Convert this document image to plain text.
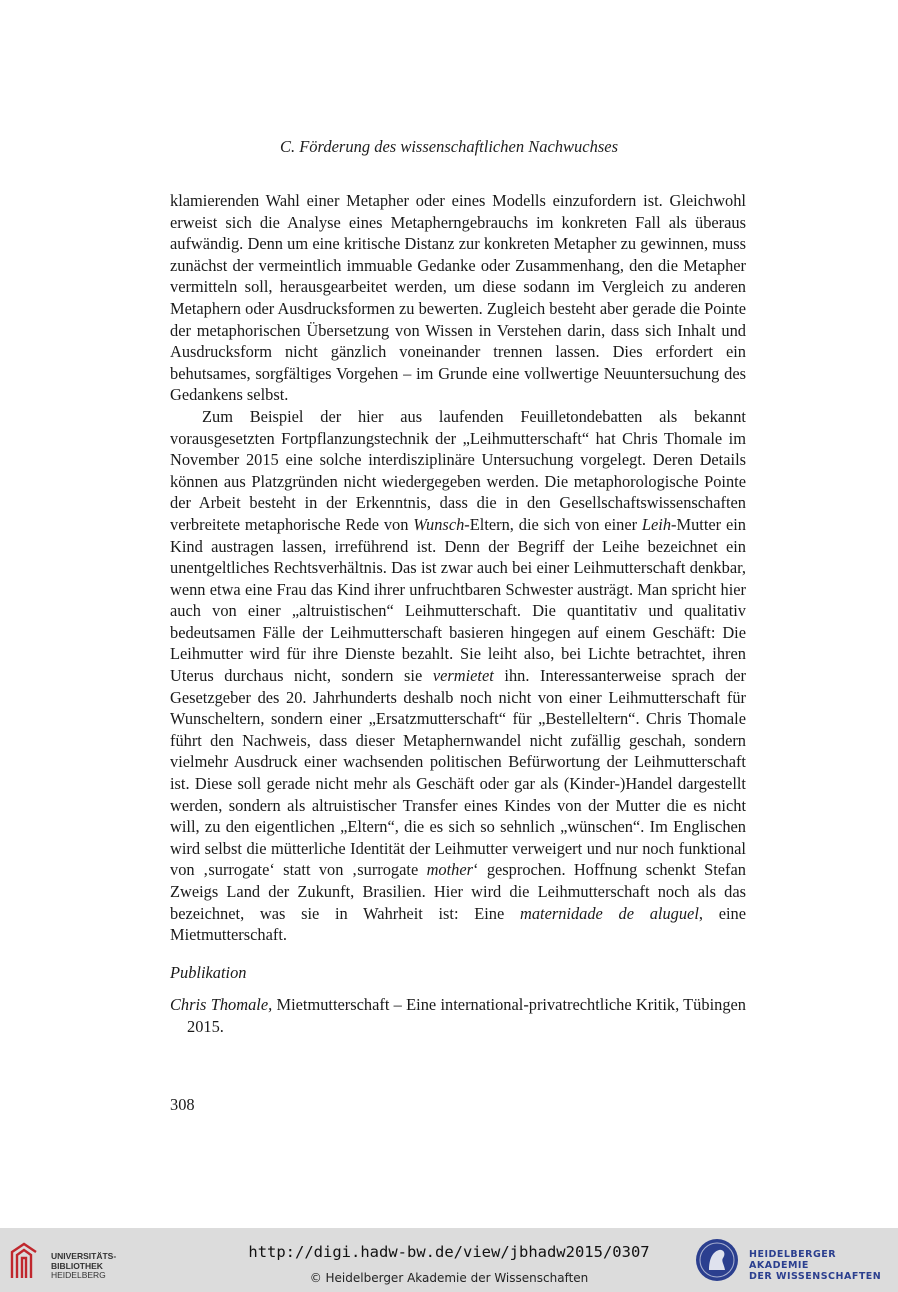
C. Förderung des wissenschaftlichen Nachwuchses

klamierenden Wahl einer Metapher oder eines Modells einzufordern ist. Gleichwohl erweist sich die Analyse eines Metapherngebrauchs im konkreten Fall als überaus aufwändig. Denn um eine kritische Distanz zur konkreten Metapher zu gewinnen, muss zunächst der vermeintlich immuable Gedanke oder Zusammenhang, den die Metapher vermitteln soll, herausgearbeitet werden, um diese sodann im Vergleich zu anderen Metaphern oder Ausdrucksformen zu bewerten. Zugleich besteht aber gerade die Pointe der metaphorischen Übersetzung von Wissen in Verstehen darin, dass sich Inhalt und Ausdrucksform nicht gänzlich voneinander trennen lassen. Dies erfordert ein behutsames, sorgfältiges Vorgehen – im Grunde eine vollwertige Neuuntersuchung des Gedankens selbst.

Zum Beispiel der hier aus laufenden Feuilletondebatten als bekannt vorausgesetzten Fortpflanzungstechnik der „Leihmutterschaft“ hat Chris Thomale im November 2015 eine solche interdisziplinäre Untersuchung vorgelegt. Deren Details können aus Platzgründen nicht wiedergegeben werden. Die metaphorologische Pointe der Arbeit besteht in der Erkenntnis, dass die in den Gesellschaftswissenschaften verbreitete metaphorische Rede von Wunsch-Eltern, die sich von einer Leih-Mutter ein Kind austragen lassen, irreführend ist. Denn der Begriff der Leihe bezeichnet ein unentgeltliches Rechtsverhältnis. Das ist zwar auch bei einer Leihmutterschaft denkbar, wenn etwa eine Frau das Kind ihrer unfruchtbaren Schwester austrägt. Man spricht hier auch von einer „altruistischen“ Leihmutterschaft. Die quantitativ und qualitativ bedeutsamen Fälle der Leihmutterschaft basieren hingegen auf einem Geschäft: Die Leihmutter wird für ihre Dienste bezahlt. Sie leiht also, bei Lichte betrachtet, ihren Uterus durchaus nicht, sondern sie vermietet ihn. Interessanterweise sprach der Gesetzgeber des 20. Jahrhunderts deshalb noch nicht von einer Leihmutterschaft für Wunscheltern, sondern einer „Ersatzmutterschaft“ für „Bestelleltern“. Chris Thomale führt den Nachweis, dass dieser Metaphernwandel nicht zufällig geschah, sondern vielmehr Ausdruck einer wachsenden politischen Befürwortung der Leihmutterschaft ist. Diese soll gerade nicht mehr als Geschäft oder gar als (Kinder-)Handel dargestellt werden, sondern als altruistischer Transfer eines Kindes von der Mutter die es nicht will, zu den eigentlichen „Eltern“, die es sich so sehnlich „wünschen“. Im Englischen wird selbst die mütterliche Identität der Leihmutter verweigert und nur noch funktional von ‚surrogate‘ statt von ‚surrogate mother‘ gesprochen. Hoffnung schenkt Stefan Zweigs Land der Zukunft, Brasilien. Hier wird die Leihmutterschaft noch als das bezeichnet, was sie in Wahrheit ist: Eine maternidade de aluguel, eine Mietmutterschaft.

Publikation
Chris Thomale, Mietmutterschaft – Eine international-privatrechtliche Kritik, Tübingen 2015.
308
UNIVERSITÄTS-
BIBLIOTHEK
HEIDELBERG
http://digi.hadw-bw.de/view/jbhadw2015/0307
© Heidelberger Akademie der Wissenschaften
HEIDELBERGER AKADEMIE
DER WISSENSCHAFTEN
